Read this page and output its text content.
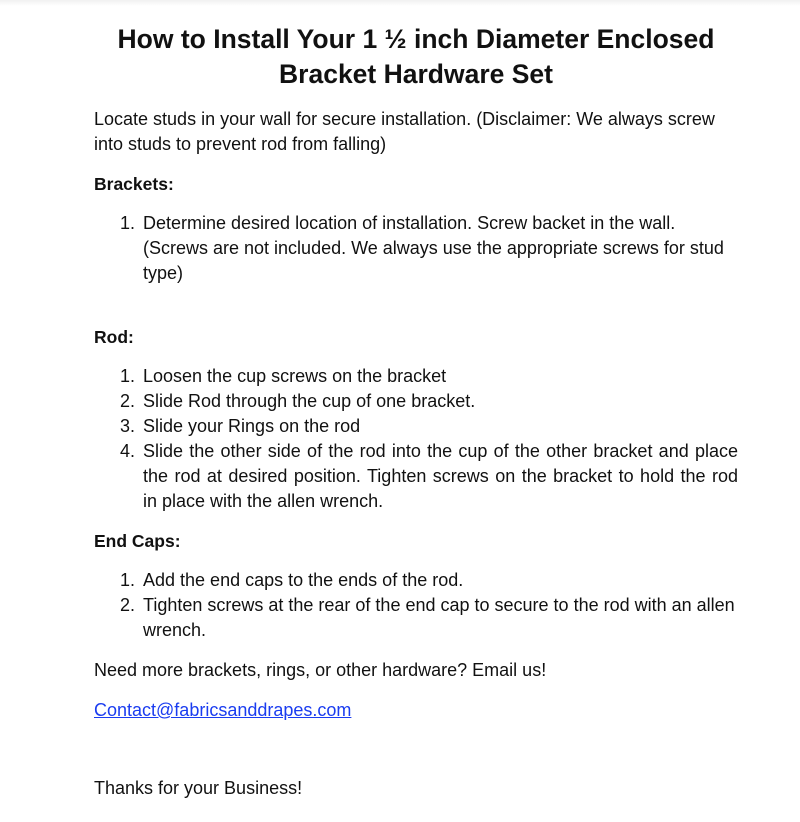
How to Install Your 1 ½ inch Diameter Enclosed
Bracket Hardware Set

Locate studs in your wall for secure installation. (Disclaimer: We always screw into studs to prevent rod from falling)

Brackets:

1. Determine desired location of installation. Screw backet in the wall. (Screws are not included. We always use the appropriate screws for stud type)

Rod:

1. Loosen the cup screws on the bracket
2. Slide Rod through the cup of one bracket.
3. Slide your Rings on the rod
4. Slide the other side of the rod into the cup of the other bracket and place the rod at desired position. Tighten screws on the bracket to hold the rod in place with the allen wrench.

End Caps:

1. Add the end caps to the ends of the rod.
2. Tighten screws at the rear of the end cap to secure to the rod with an allen wrench.

Need more brackets, rings, or other hardware? Email us!

Contact@fabricsanddrapes.com

Thanks for your Business!
